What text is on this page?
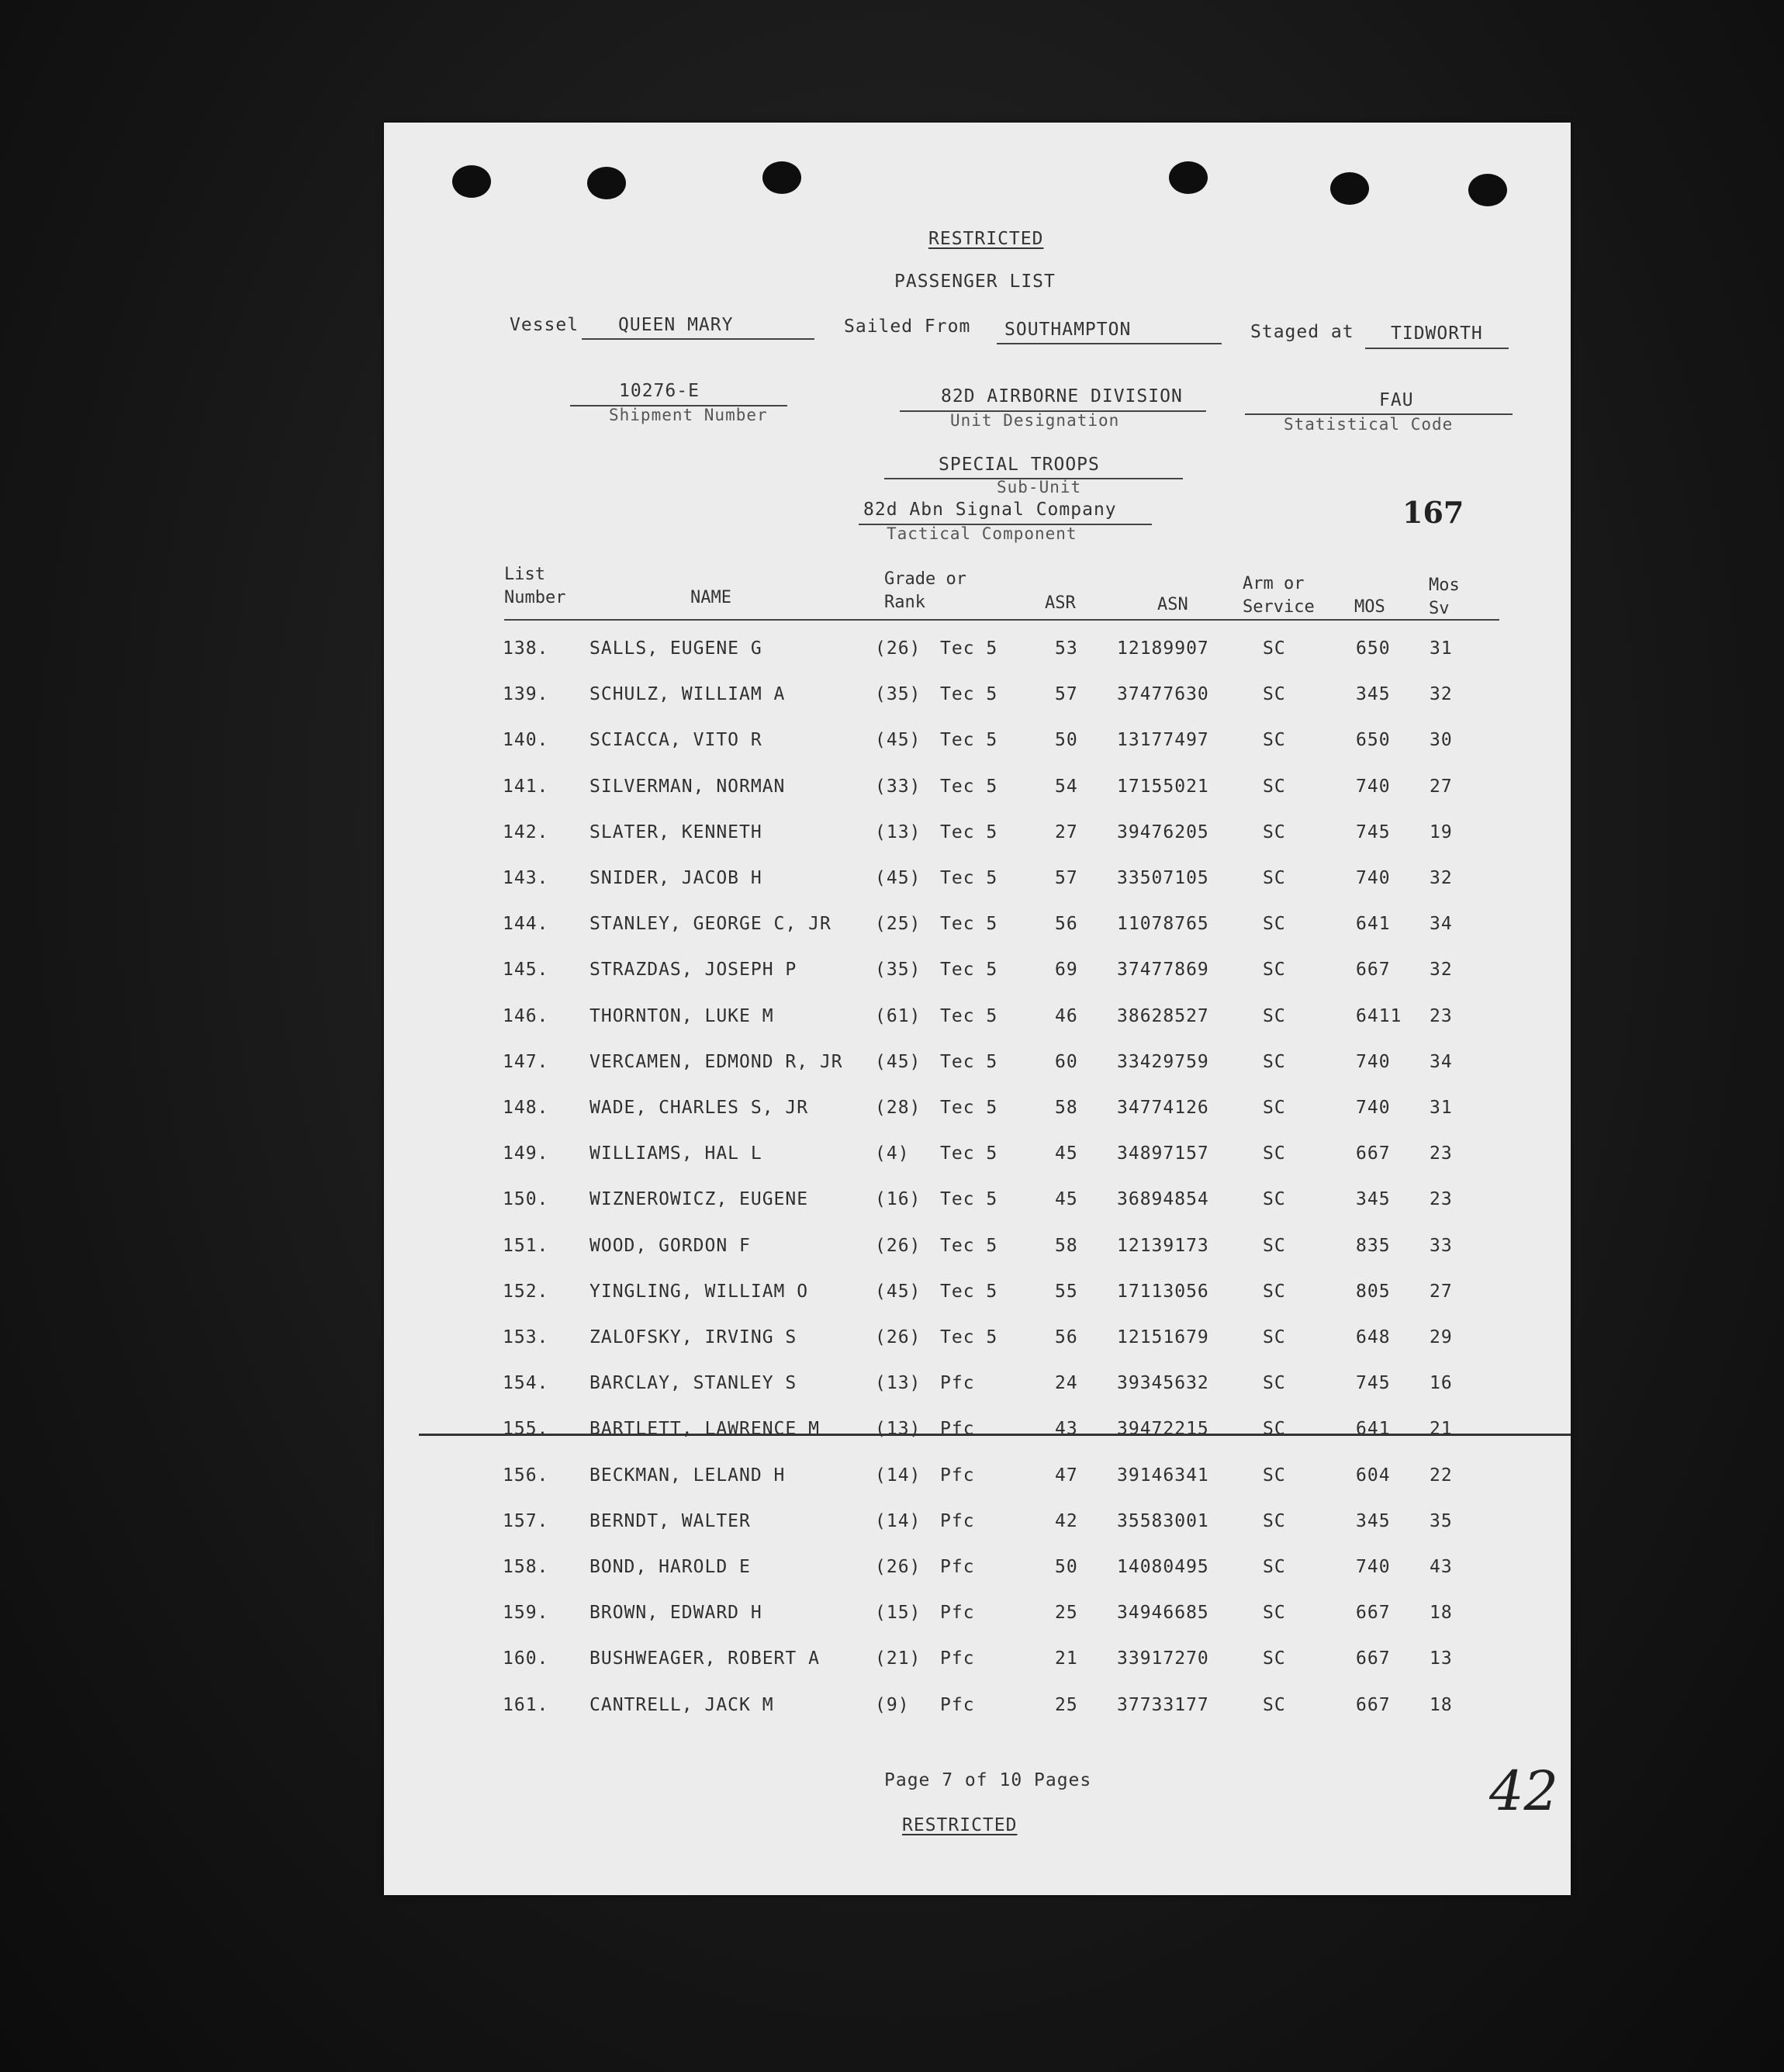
RESTRICTED
PASSENGER LIST
Vessel QUEEN MARY	Sailed From SOUTHAMPTON	Staged at TIDWORTH
10276-E
Shipment Number
82D AIRBORNE DIVISION
Unit Designation
FAU
Statistical Code
SPECIAL TROOPS
Sub-Unit
82d Abn Signal Company
Tactical Component
167
List
Number	NAME
Grade or
Rank	ASR	ASN
Arm or
Service MOS
Mos
Sv
138. SALLS, EUGENE G	(26) Tec 5	53 12189907	SC	650 31
139. SCHULZ, WILLIAM A	(35) Tec 5	57 37477630	SC	345 32
140. SCIACCA, VITO R	(45) Tec 5	50 13177497	SC	650 30
141. SILVERMAN, NORMAN	(33) Tec 5	54 17155021	SC	740 27
142. SLATER, KENNETH	(13) Tec 5	27 39476205	SC	745 19
143. SNIDER, JACOB H	(45) Tec 5	57 33507105	SC	740 32
144. STANLEY, GEORGE C, JR (25) Tec 5	56 11078765	SC	641 34
145. STRAZDAS, JOSEPH P	(35) Tec 5	69 37477869	SC	667 32
146. THORNTON, LUKE M	(61) Tec 5	46 38628527	SC	6411 23
147. VERCAMEN, EDMOND R, JR (45) Tec 5	60 33429759	SC	740 34
148. WADE, CHARLES S, JR	(28) Tec 5	58 34774126	SC	740 31
149. WILLIAMS, HAL L	(4) Tec 5	45 34897157	SC	667 23
150. WIZNEROWICZ, EUGENE	(16) Tec 5	45 36894854	SC	345 23
151. WOOD, GORDON F	(26) Tec 5	58 12139173	SC	835 33
152. YINGLING, WILLIAM O	(45) Tec 5	55 17113056	SC	805 27
153. ZALOFSKY, IRVING S	(26) Tec 5	56 12151679	SC	648 29
154. BARCLAY, STANLEY S	(13) Pfc	24 39345632	SC	745 16
155. BARTLETT, LAWRENCE M	(13) Pfc	43 39472215	SC	641 21
156. BECKMAN, LELAND H	(14) Pfc	47 39146341	SC	604 22
157. BERNDT, WALTER	(14) Pfc	42 35583001	SC	345 35
158. BOND, HAROLD E	(26) Pfc	50 14080495	SC	740 43
159. BROWN, EDWARD H	(15) Pfc	25 34946685	SC	667 18
160. BUSHWEAGER, ROBERT A	(21) Pfc	21 33917270	SC	667 13
161. CANTRELL, JACK M	(9) Pfc	25 37733177	SC	667 18
Page 7 of 10 Pages
RESTRICTED
42
